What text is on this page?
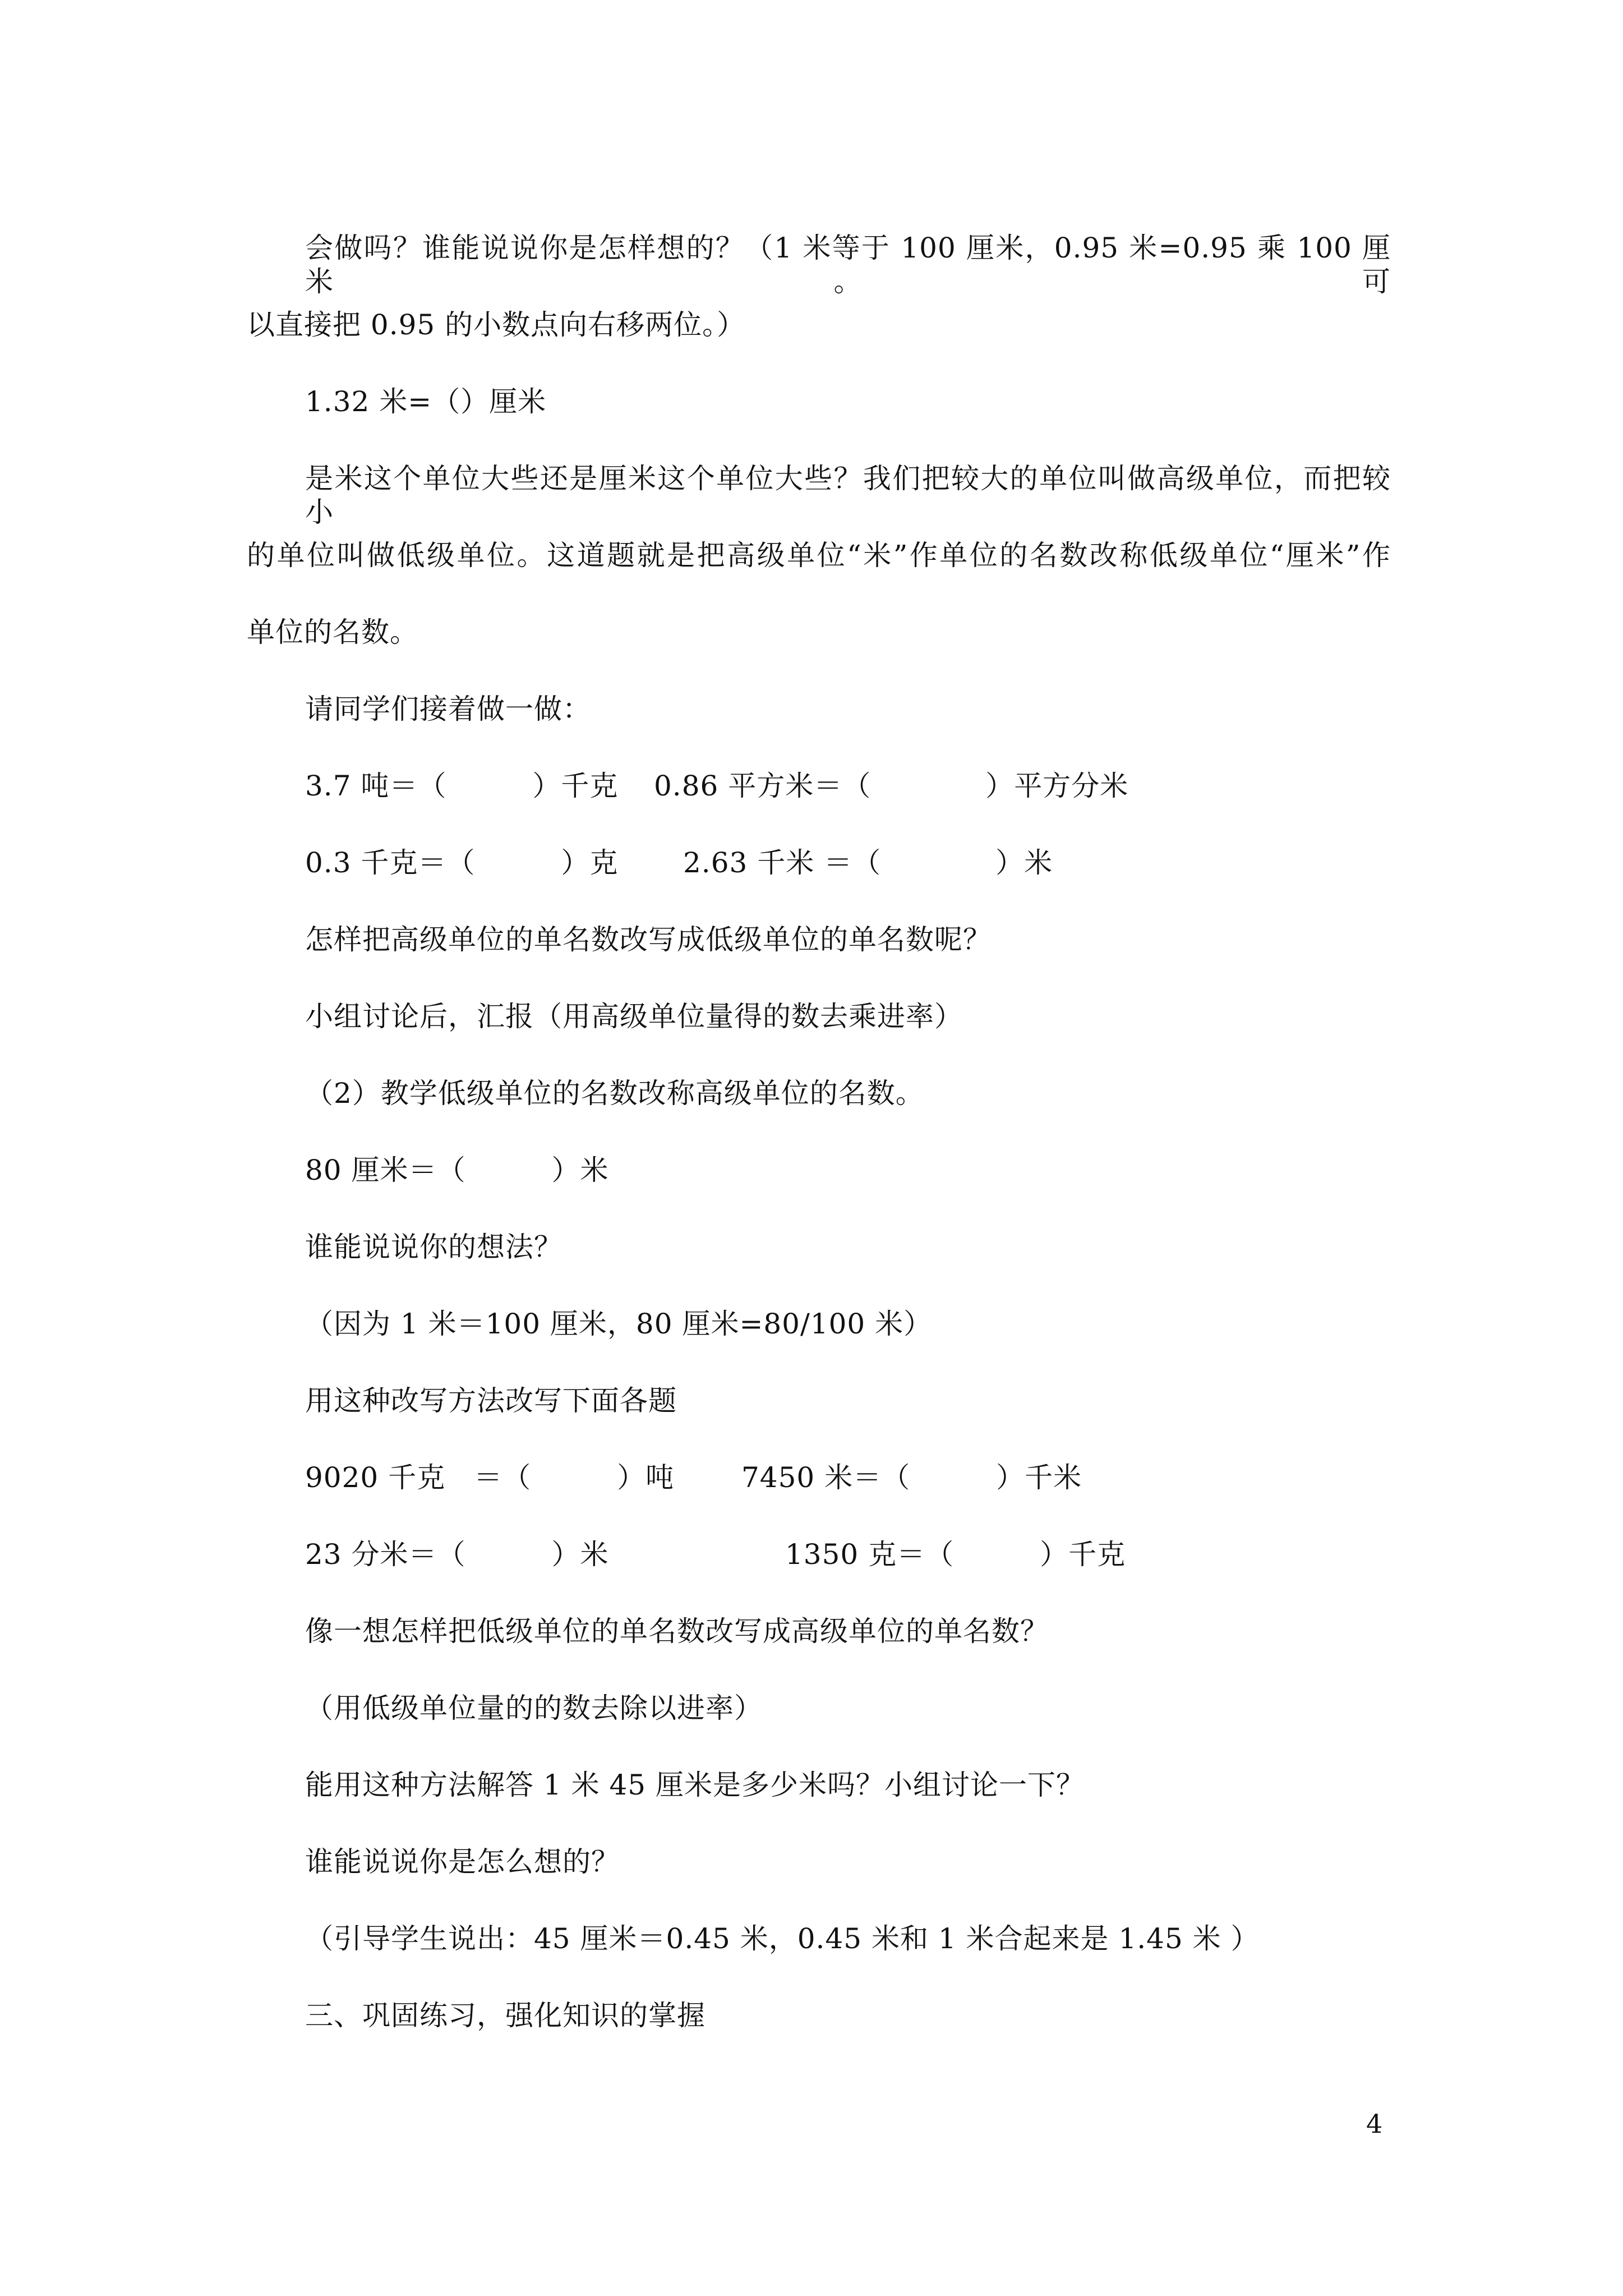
会做吗？谁能说说你是怎样想的？（1 米等于 100 厘米，0.95 米=0.95 乘 100 厘米。可
以直接把 0.95 的小数点向右移两位。）
1.32 米=（）厘米
是米这个单位大些还是厘米这个单位大些？我们把较大的单位叫做高级单位，而把较小
的单位叫做低级单位。这道题就是把高级单位“米”作单位的名数改称低级单位“厘米”作
单位的名数。
请同学们接着做一做：

3.7 吨＝（　　　）千克

0.86 平方米＝（　　　　）平方分米

0.3 千克＝（　　　）克

2.63 千米 ＝（　　　　）米

怎样把高级单位的单名数改写成低级单位的单名数呢？
小组讨论后，汇报（用高级单位量得的数去乘进率）
（2）教学低级单位的名数改称高级单位的名数。
80 厘米＝（　　　）米
谁能说说你的想法？
（因为 1 米＝100 厘米，80 厘米=80/100 米）
用这种改写方法改写下面各题

9020 千克　＝（　　　）吨

7450 米＝（　　　）千米

23 分米＝（　　　）米

	1350 克＝（　　　）千克

像一想怎样把低级单位的单名数改写成高级单位的单名数？
（用低级单位量的的数去除以进率）
能用这种方法解答 1 米 45 厘米是多少米吗？小组讨论一下？
谁能说说你是怎么想的？
（引导学生说出：45 厘米＝0.45 米，0.45 米和 1 米合起来是 1.45 米 ）
三、巩固练习，强化知识的掌握
4
